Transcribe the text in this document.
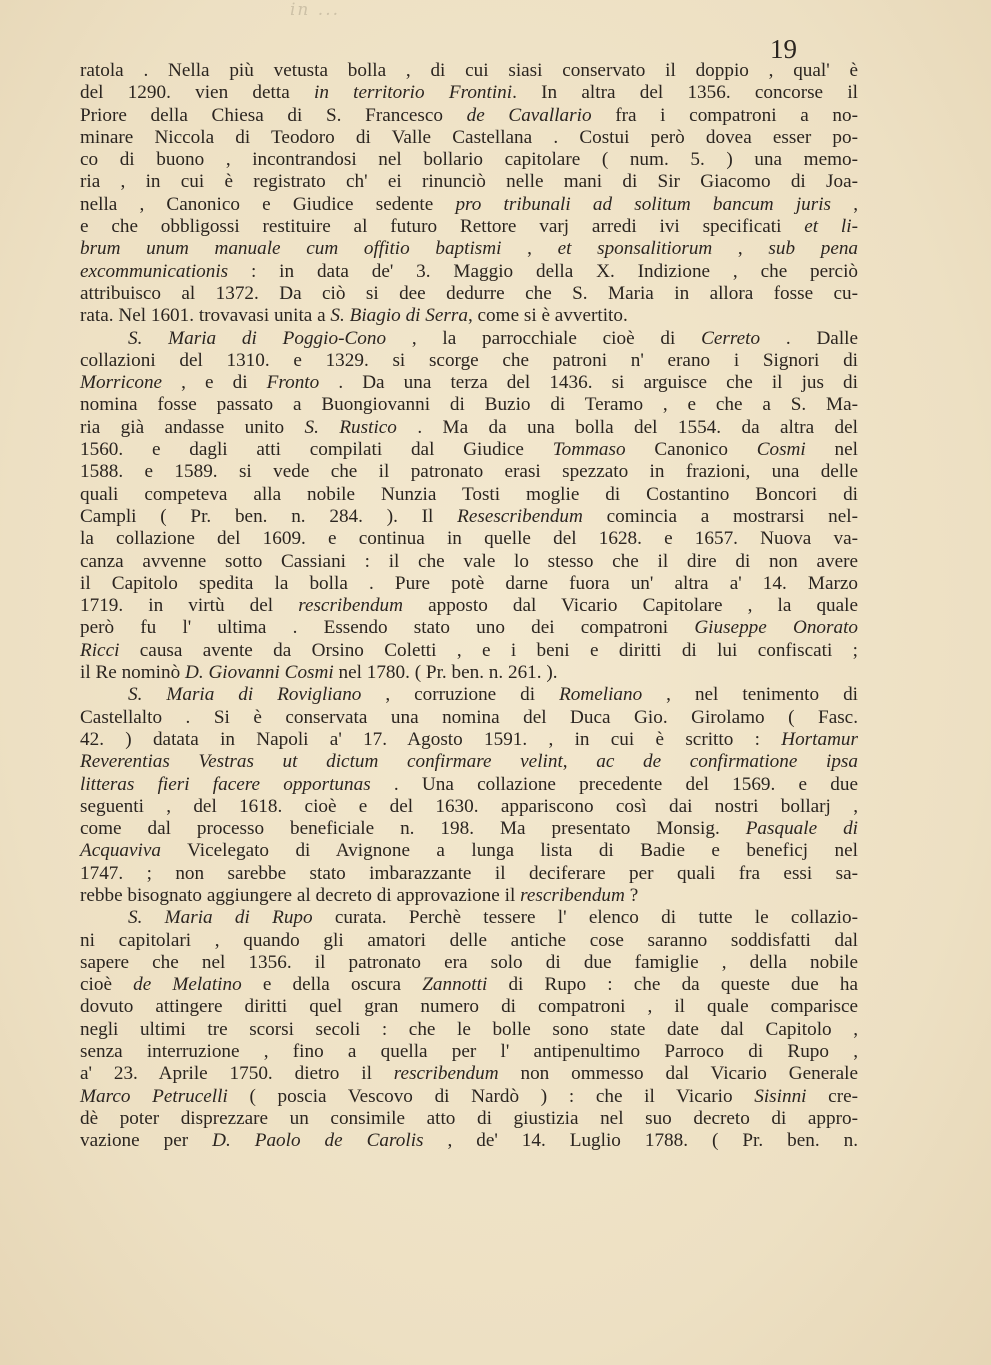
in ...
19
ratola . Nella più vetusta bolla , di cui siasi conservato il doppio , qual' è
del 1290. vien detta in territorio Frontini. In altra del 1356. concorse il
Priore della Chiesa di S. Francesco de Cavallario fra i compatroni a no-
minare Niccola di Teodoro di Valle Castellana . Costui però dovea esser po-
co di buono , incontrandosi nel bollario capitolare ( num. 5. ) una memo-
ria , in cui è registrato ch' ei rinunciò nelle mani di Sir Giacomo di Joa-
nella , Canonico e Giudice sedente pro tribunali ad solitum bancum juris ,
e che obbligossi restituire al futuro Rettore varj arredi ivi specificati et li-
brum unum manuale cum offitio baptismi , et sponsalitiorum , sub pena
excommunicationis : in data de' 3. Maggio della X. Indizione , che perciò
attribuisco al 1372. Da ciò si dee dedurre che S. Maria in allora fosse cu-
rata. Nel 1601. trovavasi unita a S. Biagio di Serra, come si è avvertito.
S. Maria di Poggio-Cono , la parrocchiale cioè di Cerreto . Dalle
collazioni del 1310. e 1329. si scorge che patroni n' erano i Signori di
Morricone , e di Fronto . Da una terza del 1436. si arguisce che il jus di
nomina fosse passato a Buongiovanni di Buzio di Teramo , e che a S. Ma-
ria già andasse unito S. Rustico . Ma da una bolla del 1554. da altra del
1560. e dagli atti compilati dal Giudice Tommaso Canonico Cosmi nel
1588. e 1589. si vede che il patronato erasi spezzato in frazioni, una delle
quali competeva alla nobile Nunzia Tosti moglie di Costantino Boncori di
Campli ( Pr. ben. n. 284. ). Il Resescribendum comincia a mostrarsi nel-
la collazione del 1609. e continua in quelle del 1628. e 1657. Nuova va-
canza avvenne sotto Cassiani : il che vale lo stesso che il dire di non avere
il Capitolo spedita la bolla . Pure potè darne fuora un' altra a' 14. Marzo
1719. in virtù del rescribendum apposto dal Vicario Capitolare , la quale
però fu l' ultima . Essendo stato uno dei compatroni Giuseppe Onorato
Ricci causa avente da Orsino Coletti , e i beni e diritti di lui confiscati ;
il Re nominò D. Giovanni Cosmi nel 1780. ( Pr. ben. n. 261. ).
S. Maria di Rovigliano , corruzione di Romeliano , nel tenimento di
Castellalto . Si è conservata una nomina del Duca Gio. Girolamo ( Fasc.
42. ) datata in Napoli a' 17. Agosto 1591. , in cui è scritto : Hortamur
Reverentias Vestras ut dictum confirmare velint, ac de confirmatione ipsa
litteras fieri facere opportunas . Una collazione precedente del 1569. e due
seguenti , del 1618. cioè e del 1630. appariscono così dai nostri bollarj ,
come dal processo beneficiale n. 198. Ma presentato Monsig. Pasquale di
Acquaviva Vicelegato di Avignone a lunga lista di Badie e beneficj nel
1747. ; non sarebbe stato imbarazzante il deciferare per quali fra essi sa-
rebbe bisognato aggiungere al decreto di approvazione il rescribendum ?
S. Maria di Rupo curata. Perchè tessere l' elenco di tutte le collazio-
ni capitolari , quando gli amatori delle antiche cose saranno soddisfatti dal
sapere che nel 1356. il patronato era solo di due famiglie , della nobile
cioè de Melatino e della oscura Zannotti di Rupo : che da queste due ha
dovuto attingere diritti quel gran numero di compatroni , il quale comparisce
negli ultimi tre scorsi secoli : che le bolle sono state date dal Capitolo ,
senza interruzione , fino a quella per l' antipenultimo Parroco di Rupo ,
a' 23. Aprile 1750. dietro il rescribendum non ommesso dal Vicario Generale
Marco Petrucelli ( poscia Vescovo di Nardò ) : che il Vicario Sisinni cre-
dè poter disprezzare un consimile atto di giustizia nel suo decreto di appro-
vazione per D. Paolo de Carolis , de' 14. Luglio 1788. ( Pr. ben. n.
